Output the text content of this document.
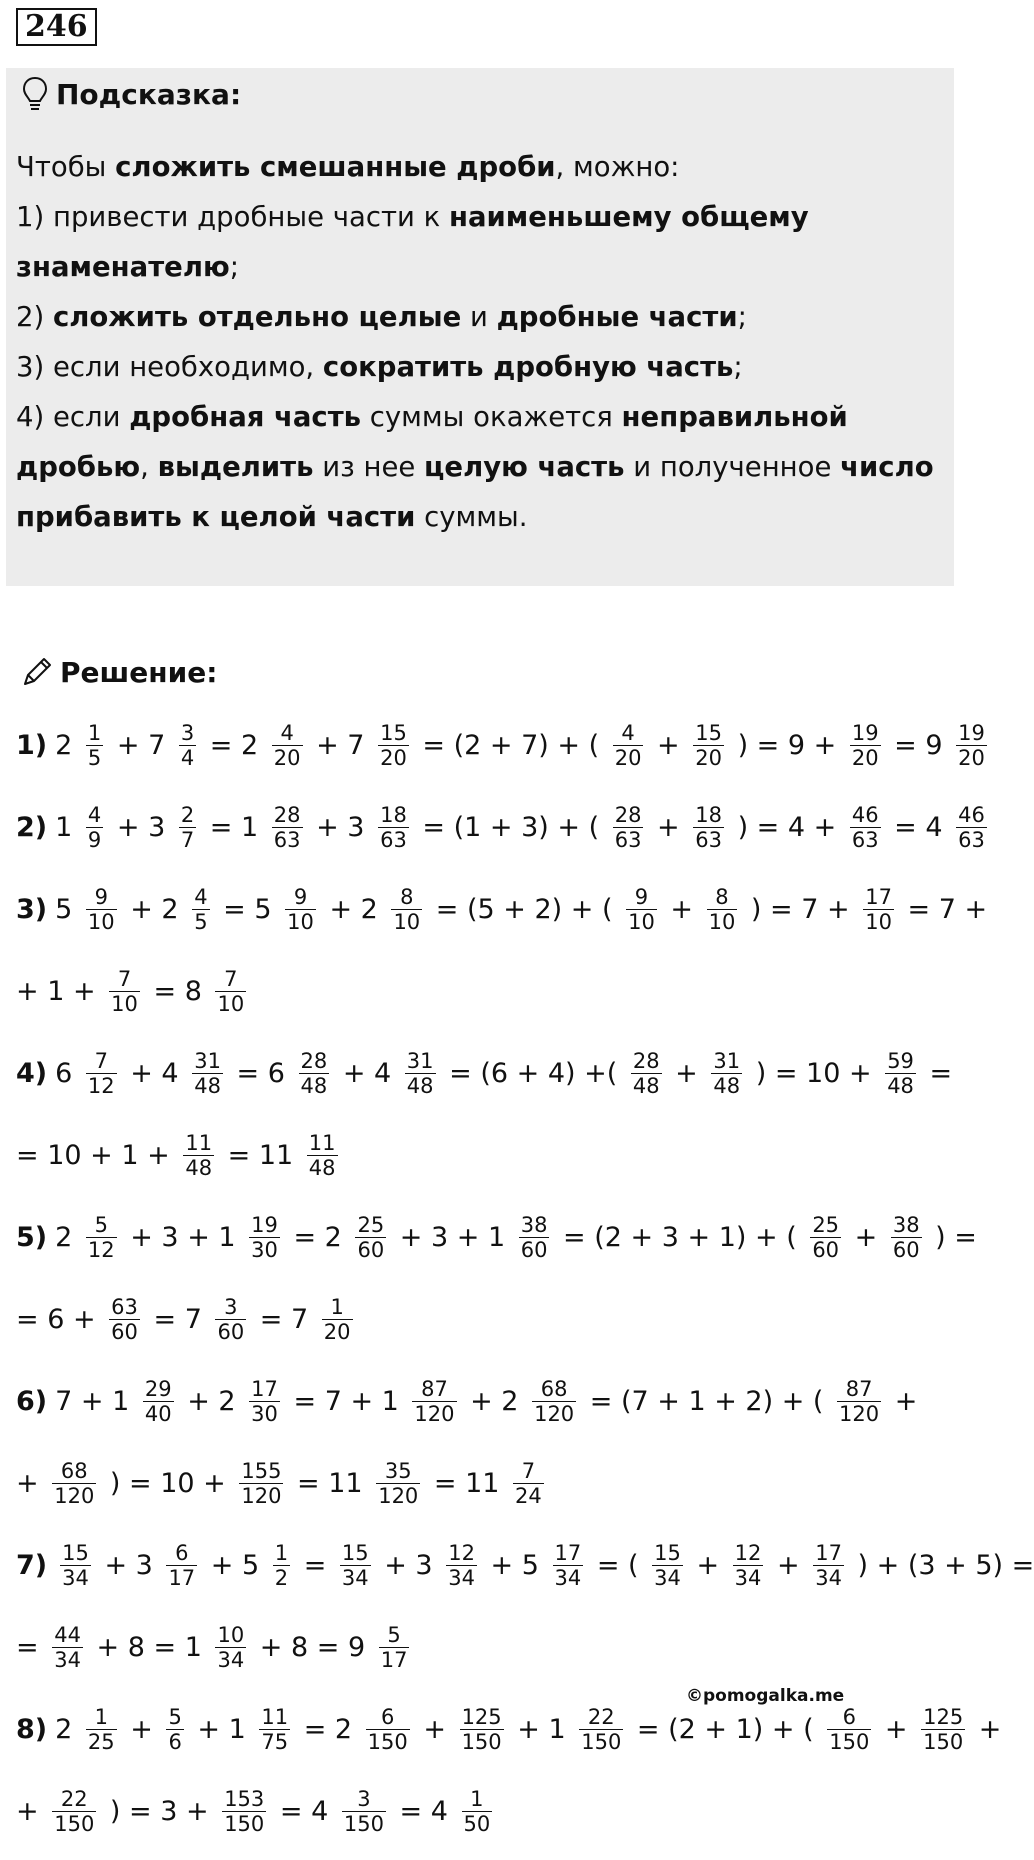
246
Подсказка:

Чтобы сложить смешанные дроби, можно:

1) привести дробные части к наименьшему общему знаменателю;

2) сложить отдельно целые и дробные части;

3) если необходимо, сократить дробную часть;

4) если дробная часть суммы окажется неправильной дробью, выделить из нее целую часть и полученное число прибавить к целой части суммы.

Решение:
1) $2 \frac{1}{5} + 7 \frac{3}{4} = 2 \frac{4}{20} + 7 \frac{15}{20} = (2 + 7)$ + ( $\frac{4}{20} + \frac{15}{20}$ ) = $9 + \frac{19}{20} = 9 \frac{19}{20}$
2) $1 \frac{4}{9} + 3 \frac{2}{7} = 1 \frac{28}{63} + 3 \frac{18}{63} = (1 + 3)$ + ( $\frac{28}{63} + \frac{18}{63}$ ) = $4 + \frac{46}{63} = 4 \frac{46}{63}$
3) $5 \frac{9}{10} + 2 \frac{4}{5} = 5 \frac{9}{10} + 2 \frac{8}{10} = (5 + 2)$ + ( $\frac{9}{10} + \frac{8}{10}$ ) = $7 + \frac{17}{10} = 7$ +
+ $1 + \frac{7}{10} = 8 \frac{7}{10}$
4) $6 \frac{7}{12} + 4 \frac{31}{48} = 6 \frac{28}{48} + 4 \frac{31}{48} = (6 + 4)$ +( $\frac{28}{48} + \frac{31}{48}$ ) = $10 + \frac{59}{48}$ =
= $10 + 1 + \frac{11}{48} = 11 \frac{11}{48}$
5) $2 \frac{5}{12} + 3 + 1 \frac{19}{30} = 2 \frac{25}{60} + 3 + 1 \frac{38}{60} = (2 + 3 + 1)$ + ( $\frac{25}{60} + \frac{38}{60}$ ) =
= $6 + \frac{63}{60} = 7 \frac{3}{60} = 7 \frac{1}{20}$
6) $7 + 1 \frac{29}{40} + 2 \frac{17}{30} = 7 + 1 \frac{87}{120} + 2 \frac{68}{120} = (7 + 1 + 2)$ + ( $\frac{87}{120}$ +
+ $\frac{68}{120}$ ) = $10 + \frac{155}{120} = 11 \frac{35}{120} = 11 \frac{7}{24}$
$7) \frac{15}{34} + 3 \frac{6}{17} + 5 \frac{1}{2} = \frac{15}{34} + 3 \frac{12}{34} + 5 \frac{17}{34}$ = ( $\frac{15}{34} + \frac{12}{34} + \frac{17}{34}$ ) + (3 + 5) =
= $\frac{44}{34} + 8 = 1 \frac{10}{34} + 8 = 9 \frac{5}{17}$
8) $2 \frac{1}{25} + \frac{5}{6} + 1 \frac{11}{75} = 2 \frac{6}{150} + \frac{125}{150} + 1 \frac{22}{150} = (2 + 1)$ + ( $\frac{6}{150} + \frac{125}{150}$ +
+ $\frac{22}{150}$ ) = $3 + \frac{153}{150} = 4 \frac{3}{150} = 4 \frac{1}{50}$
©pomogalka.me
